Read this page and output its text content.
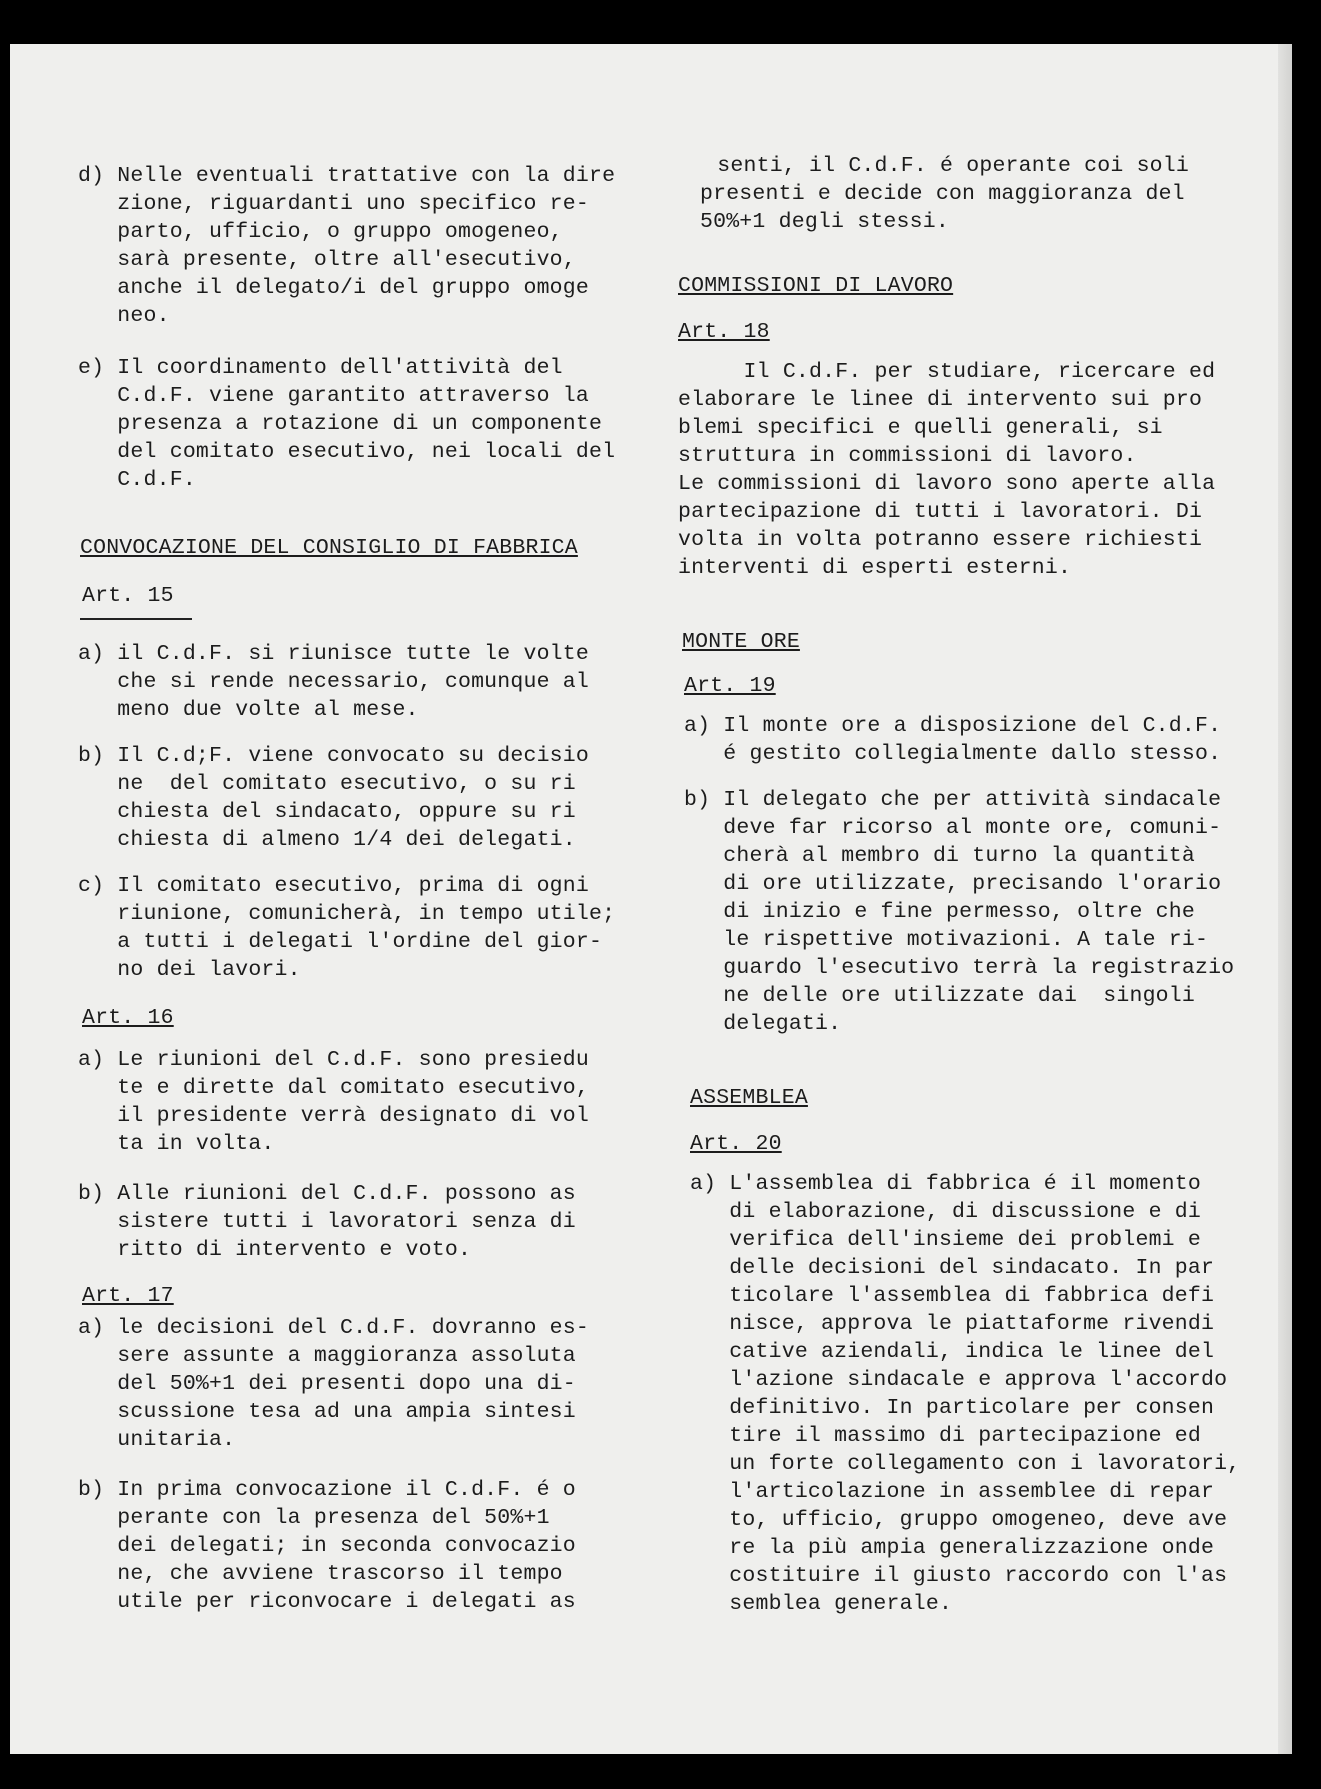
d) Nelle eventuali trattative con la dire
zione, riguardanti uno specifico re-
parto, ufficio, o gruppo omogeneo,
sarà presente, oltre all'esecutivo,
anche il delegato/i del gruppo omoge
neo.
e) Il coordinamento dell'attività del
C.d.F. viene garantito attraverso la
presenza a rotazione di un componente
del comitato esecutivo, nei locali del
C.d.F.
CONVOCAZIONE DEL CONSIGLIO DI FABBRICA
Art. 15
a) il C.d.F. si riunisce tutte le volte
che si rende necessario, comunque al
meno due volte al mese.
b) Il C.d;F. viene convocato su decisio
ne  del comitato esecutivo, o su ri
chiesta del sindacato, oppure su ri
chiesta di almeno 1/4 dei delegati.
c) Il comitato esecutivo, prima di ogni
riunione, comunicherà, in tempo utile;
a tutti i delegati l'ordine del gior-
no dei lavori.
Art. 16
a) Le riunioni del C.d.F. sono presiedu
te e dirette dal comitato esecutivo,
il presidente verrà designato di vol
ta in volta.
b) Alle riunioni del C.d.F. possono as
sistere tutti i lavoratori senza di
ritto di intervento e voto.
Art. 17
a) le decisioni del C.d.F. dovranno es-
sere assunte a maggioranza assoluta
del 50%+1 dei presenti dopo una di-
scussione tesa ad una ampia sintesi
unitaria.
b) In prima convocazione il C.d.F. é o
perante con la presenza del 50%+1
dei delegati; in seconda convocazio
ne, che avviene trascorso il tempo
utile per riconvocare i delegati as
senti, il C.d.F. é operante coi soli
presenti e decide con maggioranza del
50%+1 degli stessi.
COMMISSIONI DI LAVORO
Art. 18
Il C.d.F. per studiare, ricercare ed
elaborare le linee di intervento sui pro
blemi specifici e quelli generali, si
struttura in commissioni di lavoro.
Le commissioni di lavoro sono aperte alla
partecipazione di tutti i lavoratori. Di
volta in volta potranno essere richiesti
interventi di esperti esterni.
MONTE ORE
Art. 19
a) Il monte ore a disposizione del C.d.F.
é gestito collegialmente dallo stesso.
b) Il delegato che per attività sindacale
deve far ricorso al monte ore, comuni-
cherà al membro di turno la quantità
di ore utilizzate, precisando l'orario
di inizio e fine permesso, oltre che
le rispettive motivazioni. A tale ri-
guardo l'esecutivo terrà la registrazio
ne delle ore utilizzate dai  singoli
delegati.
ASSEMBLEA
Art. 20
a) L'assemblea di fabbrica é il momento
di elaborazione, di discussione e di
verifica dell'insieme dei problemi e
delle decisioni del sindacato. In par
ticolare l'assemblea di fabbrica defi
nisce, approva le piattaforme rivendi
cative aziendali, indica le linee del
l'azione sindacale e approva l'accordo
definitivo. In particolare per consen
tire il massimo di partecipazione ed
un forte collegamento con i lavoratori,
l'articolazione in assemblee di repar
to, ufficio, gruppo omogeneo, deve ave
re la più ampia generalizzazione onde
costituire il giusto raccordo con l'as
semblea generale.
